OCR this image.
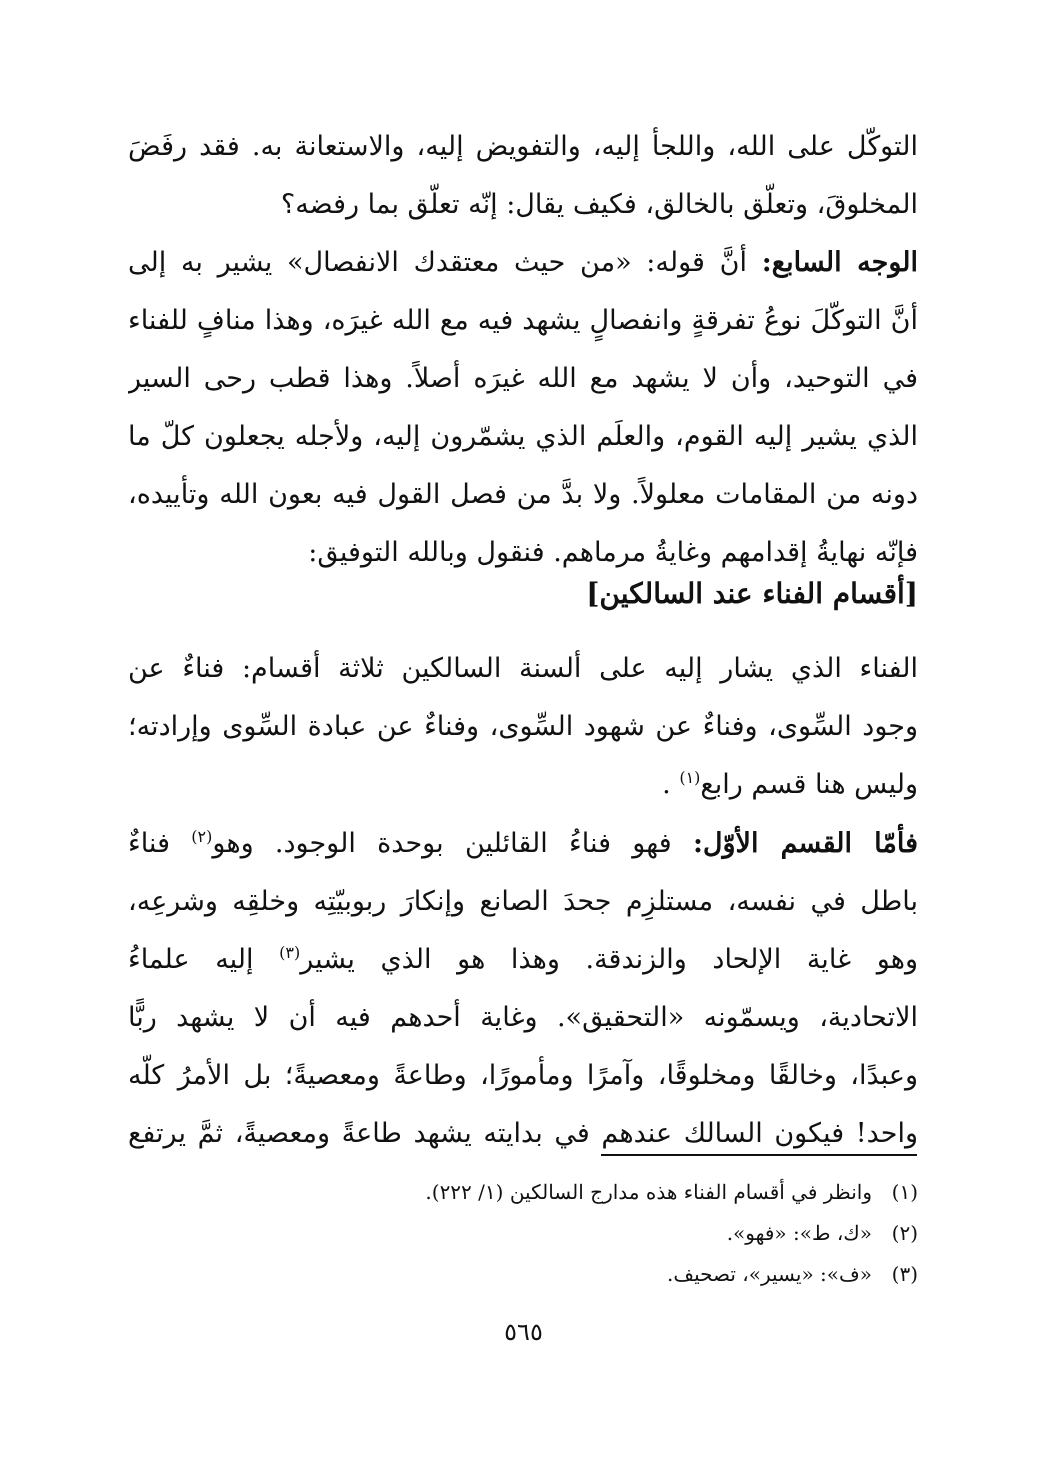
التوكّل على الله، واللجأ إليه، والتفويض إليه، والاستعانة به. فقد رفَضَ
المخلوقَ، وتعلّق بالخالق، فكيف يقال: إنّه تعلّق بما رفضه؟
الوجه السابع: أنَّ قوله: «من حيث معتقدك الانفصال» يشير به إلى
أنَّ التوكّلَ نوعُ تفرقةٍ وانفصالٍ يشهد فيه مع الله غيرَه، وهذا منافٍ للفناء
في التوحيد، وأن لا يشهد مع الله غيرَه أصلاً. وهذا قطب رحى السير
الذي يشير إليه القوم، والعلَم الذي يشمّرون إليه، ولأجله يجعلون كلّ ما
دونه من المقامات معلولاً. ولا بدَّ من فصل القول فيه بعون الله وتأييده،
فإنّه نهايةُ إقدامهم وغايةُ مرماهم. فنقول وبالله التوفيق:
[أقسام الفناء عند السالكين]
الفناء الذي يشار إليه على ألسنة السالكين ثلاثة أقسام: فناءٌ عن
وجود السِّوى، وفناءٌ عن شهود السِّوى، وفناءٌ عن عبادة السِّوى وإرادته؛
وليس هنا قسم رابع$^{(١)}$ .
فأمّا القسم الأوّل: فهو فناءُ القائلين بوحدة الوجود. وهو$^{(٢)}$ فناءٌ
باطل في نفسه، مستلزِم جحدَ الصانع وإنكارَ ربوبيّتِه وخلقِه وشرعِه،
وهو غاية الإلحاد والزندقة. وهذا هو الذي يشير$^{(٣)}$ إليه علماءُ
الاتحادية، ويسمّونه «التحقيق». وغاية أحدهم فيه أن لا يشهد ربًّا
وعبدًا، وخالقًا ومخلوقًا، وآمرًا ومأمورًا، وطاعةً ومعصيةً؛ بل الأمرُ كلّه
واحد! فيكون السالك عندهم في بدايته يشهد طاعةً ومعصيةً، ثمَّ يرتفع
(١)وانظر في أقسام الفناء هذه مدارج السالكين (١/ ٢٢٢).
(٢)«ك، ط»: «فهو».
(٣)«ف»: «يسير»، تصحيف.
٥٦٥
